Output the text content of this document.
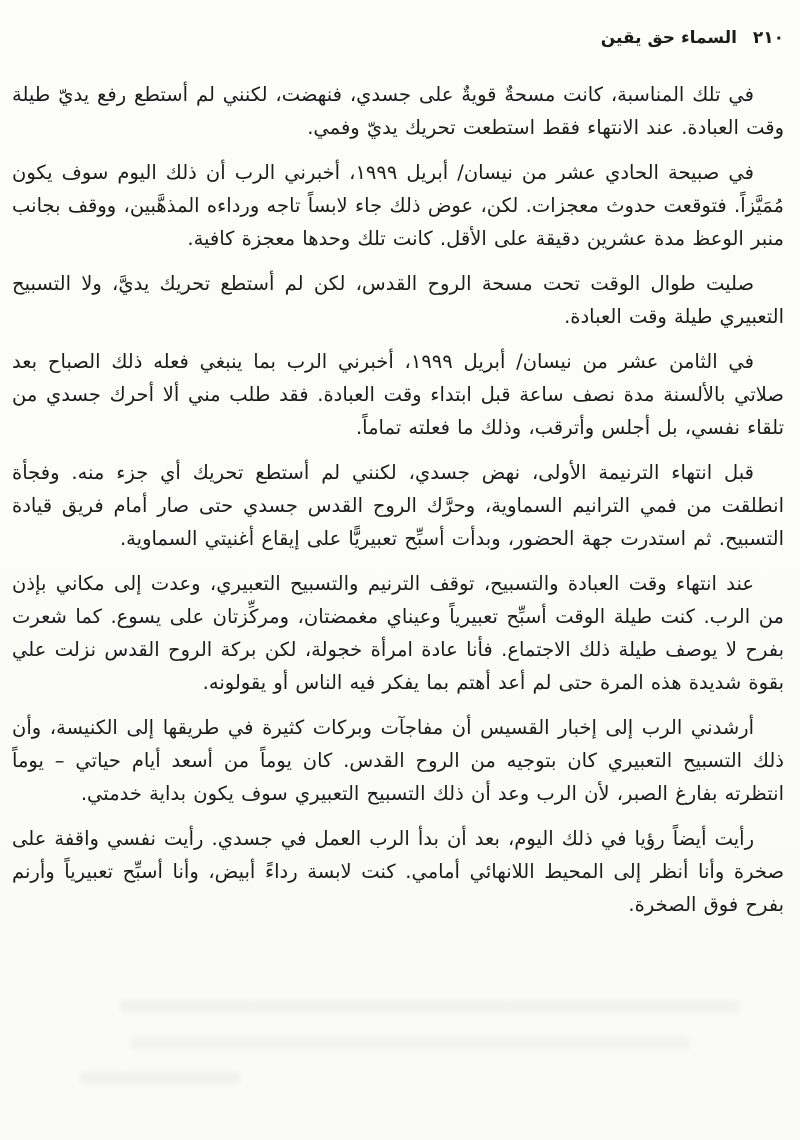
٢١٠ السماء حق يقين

في تلك المناسبة، كانت مسحةٌ قويةٌ على جسدي، فنهضت، لكنني لم أستطع رفع يديّ طيلة وقت العبادة. عند الانتهاء فقط استطعت تحريك يديّ وفمي.

في صبيحة الحادي عشر من نيسان/ أبريل ١٩٩٩، أخبرني الرب أن ذلك اليوم سوف يكون مُمَيَّزاً. فتوقعت حدوث معجزات. لكن، عوض ذلك جاء لابساً تاجه ورداءه المذهَّبين، ووقف بجانب منبر الوعظ مدة عشرين دقيقة على الأقل. كانت تلك وحدها معجزة كافية.

صليت طوال الوقت تحت مسحة الروح القدس، لكن لم أستطع تحريك يديَّ، ولا التسبيح التعبيري طيلة وقت العبادة.

في الثامن عشر من نيسان/ أبريل ١٩٩٩، أخبرني الرب بما ينبغي فعله ذلك الصباح بعد صلاتي بالألسنة مدة نصف ساعة قبل ابتداء وقت العبادة. فقد طلب مني ألا أحرك جسدي من تلقاء نفسي، بل أجلس وأترقب، وذلك ما فعلته تماماً.

قبل انتهاء الترنيمة الأولى، نهض جسدي، لكنني لم أستطع تحريك أي جزء منه. وفجأة انطلقت من فمي الترانيم السماوية، وحرَّك الروح القدس جسدي حتى صار أمام فريق قيادة التسبيح. ثم استدرت جهة الحضور، وبدأت أسبِّح تعبيريًّا على إيقاع أغنيتي السماوية.

عند انتهاء وقت العبادة والتسبيح، توقف الترنيم والتسبيح التعبيري، وعدت إلى مكاني بإذن من الرب. كنت طيلة الوقت أسبِّح تعبيرياً وعيناي مغمضتان، ومركِّزتان على يسوع. كما شعرت بفرح لا يوصف طيلة ذلك الاجتماع. فأنا عادة امرأة خجولة، لكن بركة الروح القدس نزلت علي بقوة شديدة هذه المرة حتى لم أعد أهتم بما يفكر فيه الناس أو يقولونه.

أرشدني الرب إلى إخبار القسيس أن مفاجآت وبركات كثيرة في طريقها إلى الكنيسة، وأن ذلك التسبيح التعبيري كان بتوجيه من الروح القدس. كان يوماً من أسعد أيام حياتي – يوماً انتظرته بفارغ الصبر، لأن الرب وعد أن ذلك التسبيح التعبيري سوف يكون بداية خدمتي.

رأيت أيضاً رؤيا في ذلك اليوم، بعد أن بدأ الرب العمل في جسدي. رأيت نفسي واقفة على صخرة وأنا أنظر إلى المحيط اللانهائي أمامي. كنت لابسة رداءً أبيض، وأنا أسبِّح تعبيرياً وأرنم بفرح فوق الصخرة.
